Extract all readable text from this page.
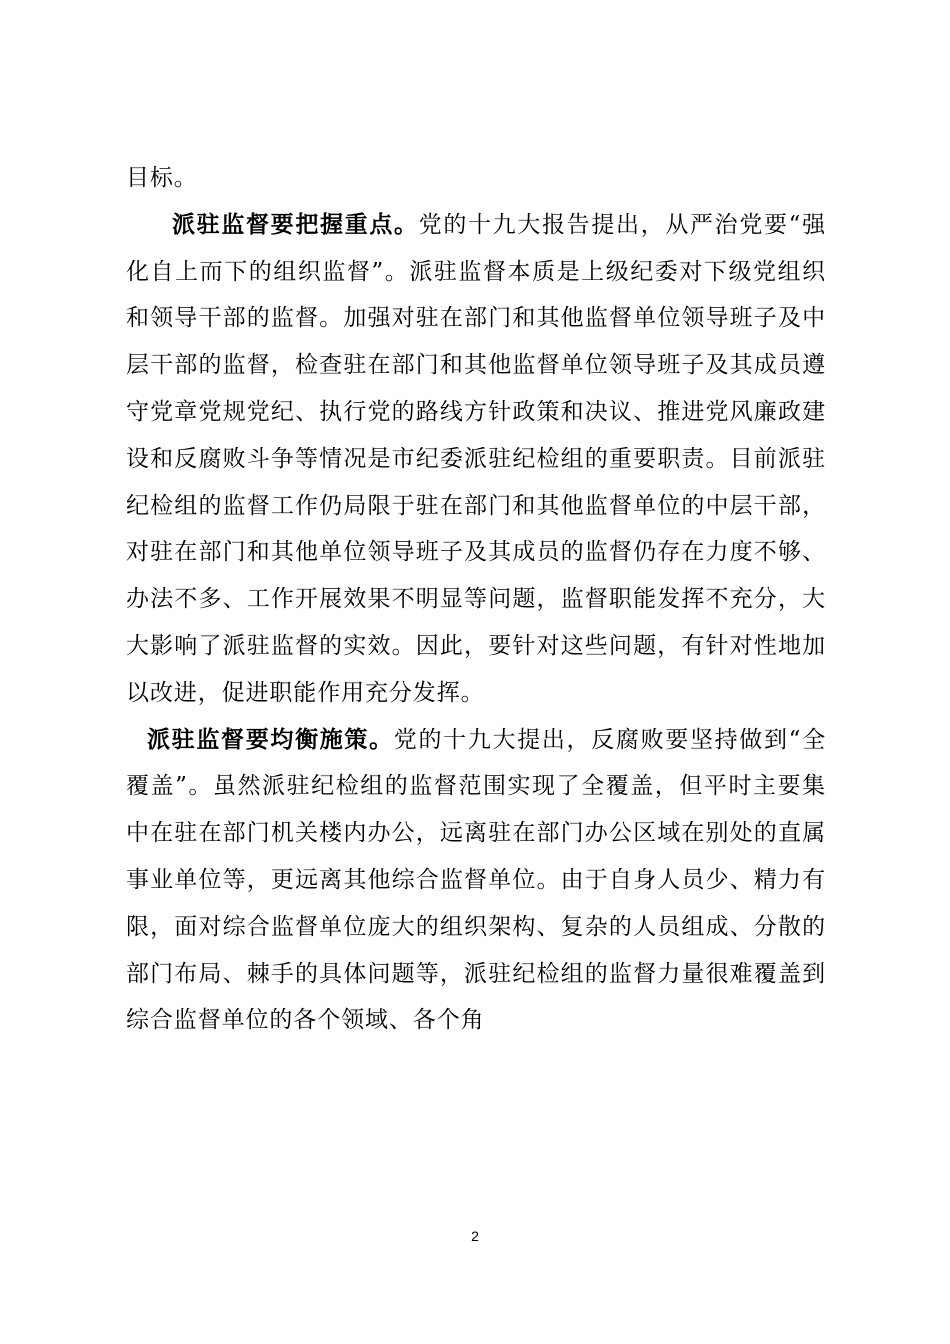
目标。

派驻监督要把握重点。党的十九大报告提出，从严治党要“强化自上而下的组织监督”。派驻监督本质是上级纪委对下级党组织和领导干部的监督。加强对驻在部门和其他监督单位领导班子及中层干部的监督，检查驻在部门和其他监督单位领导班子及其成员遵守党章党规党纪、执行党的路线方针政策和决议、推进党风廉政建设和反腐败斗争等情况是市纪委派驻纪检组的重要职责。目前派驻纪检组的监督工作仍局限于驻在部门和其他监督单位的中层干部，对驻在部门和其他单位领导班子及其成员的监督仍存在力度不够、办法不多、工作开展效果不明显等问题，监督职能发挥不充分，大大影响了派驻监督的实效。因此，要针对这些问题，有针对性地加以改进，促进职能作用充分发挥。

派驻监督要均衡施策。党的十九大提出，反腐败要坚持做到“全覆盖”。虽然派驻纪检组的监督范围实现了全覆盖，但平时主要集中在驻在部门机关楼内办公，远离驻在部门办公区域在别处的直属事业单位等，更远离其他综合监督单位。由于自身人员少、精力有限，面对综合监督单位庞大的组织架构、复杂的人员组成、分散的部门布局、棘手的具体问题等，派驻纪检组的监督力量很难覆盖到综合监督单位的各个领域、各个角

2
